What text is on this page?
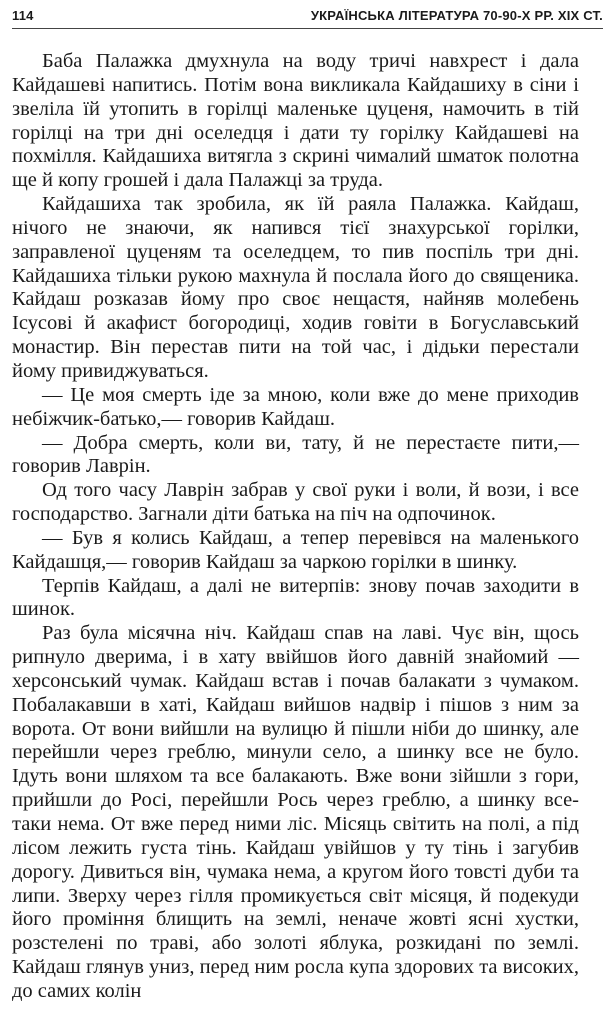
114	УКРАЇНСЬКА ЛІТЕРАТУРА 70-90-Х РР. XIX СТ.

Баба Палажка дмухнула на воду тричі навхрест і дала Кайдашеві напитись. Потім вона викликала Кайдашиху в сіни і звеліла їй утопить в горілці маленьке цуценя, намочить в тій горілці на три дні оселедця і дати ту горілку Кайдашеві на похмілля. Кайдашиха витягла з скрині чималий шматок полотна ще й копу грошей і дала Палажці за труда.

Кайдашиха так зробила, як їй раяла Палажка. Кайдаш, нічого не знаючи, як напився тієї знахурської горілки, заправленої цуценям та оселедцем, то пив поспіль три дні. Кайдашиха тільки рукою махнула й послала його до священика. Кайдаш розказав йому про своє нещастя, найняв молебень Ісусові й акафист богородиці, ходив говіти в Богуславський монастир. Він перестав пити на той час, і дідьки перестали йому привиджуваться.

— Це моя смерть іде за мною, коли вже до мене приходив небіжчик-батько,— говорив Кайдаш.

— Добра смерть, коли ви, тату, й не перестаєте пити,— говорив Лаврін.

Од того часу Лаврін забрав у свої руки і воли, й вози, і все господарство. Загнали діти батька на піч на одпочинок.

— Був я колись Кайдаш, а тепер перевівся на маленького Кайдашця,— говорив Кайдаш за чаркою горілки в шинку.

Терпів Кайдаш, а далі не витерпів: знову почав заходити в шинок.

Раз була місячна ніч. Кайдаш спав на лаві. Чує він, щось рипнуло дверима, і в хату ввійшов його давній знайомий — херсонський чумак. Кайдаш встав і почав балакати з чумаком. Побалакавши в хаті, Кайдаш вийшов надвір і пішов з ним за ворота. От вони вийшли на вулицю й пішли ніби до шинку, але перейшли через греблю, минули село, а шинку все не було. Ідуть вони шляхом та все балакають. Вже вони зійшли з гори, прийшли до Росі, перейшли Рось через греблю, а шинку все-таки нема. От вже перед ними ліс. Місяць світить на полі, а під лісом лежить густа тінь. Кайдаш увійшов у ту тінь і загубив дорогу. Дивиться він, чумака нема, а кругом його товсті дуби та липи. Зверху через гілля промикується світ місяця, й подекуди його проміння блищить на землі, неначе жовті ясні хустки, розстелені по траві, або золоті яблука, розкидані по землі. Кайдаш глянув униз, перед ним росла купа здорових та високих, до самих колін
